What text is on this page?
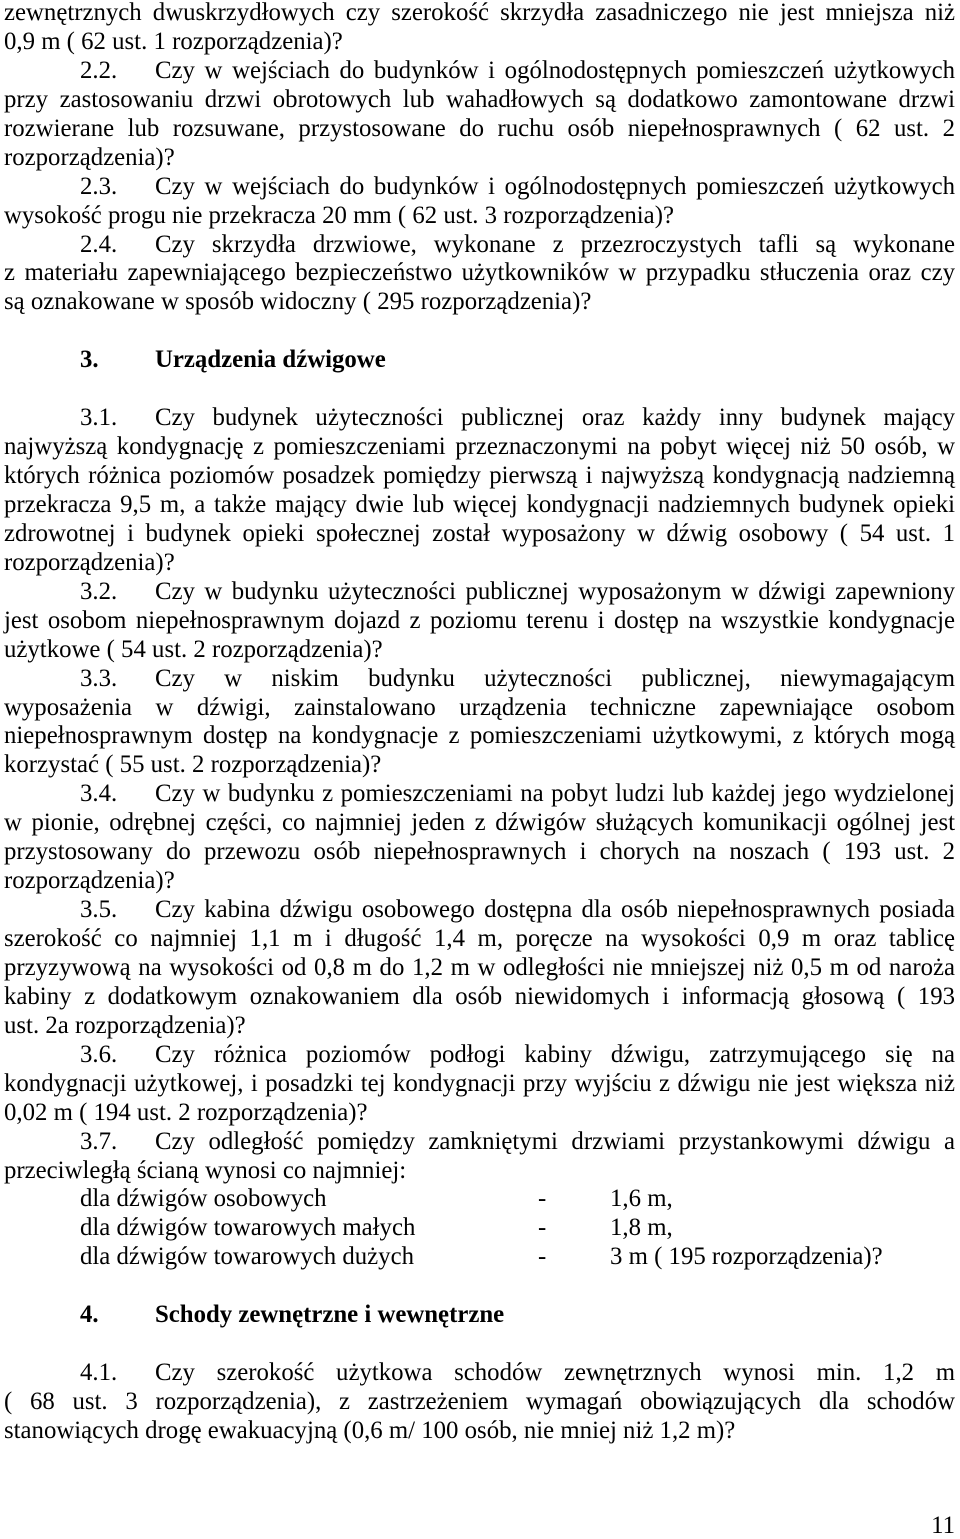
zewnętrznych dwuskrzydłowych czy szerokość skrzydła zasadniczego nie jest mniejsza niż
0,9 m ( 62 ust. 1 rozporządzenia)?
2.2. Czy w wejściach do budynków i ogólnodostępnych pomieszczeń użytkowych
przy zastosowaniu drzwi obrotowych lub wahadłowych są dodatkowo zamontowane drzwi
rozwierane lub rozsuwane, przystosowane do ruchu osób niepełnosprawnych ( 62 ust. 2
rozporządzenia)?
2.3. Czy w wejściach do budynków i ogólnodostępnych pomieszczeń użytkowych
wysokość progu nie przekracza 20 mm ( 62 ust. 3 rozporządzenia)?
2.4. Czy skrzydła drzwiowe, wykonane z przezroczystych tafli są wykonane
z materiału zapewniającego bezpieczeństwo użytkowników w przypadku stłuczenia oraz czy
są oznakowane w sposób widoczny ( 295 rozporządzenia)?
3. Urządzenia dźwigowe
3.1. Czy budynek użyteczności publicznej oraz każdy inny budynek mający
najwyższą kondygnację z pomieszczeniami przeznaczonymi na pobyt więcej niż 50 osób, w
których różnica poziomów posadzek pomiędzy pierwszą i najwyższą kondygnacją nadziemną
przekracza 9,5 m, a także mający dwie lub więcej kondygnacji nadziemnych budynek opieki
zdrowotnej i budynek opieki społecznej został wyposażony w dźwig osobowy ( 54 ust. 1
rozporządzenia)?
3.2. Czy w budynku użyteczności publicznej wyposażonym w dźwigi zapewniony
jest osobom niepełnosprawnym dojazd z poziomu terenu i dostęp na wszystkie kondygnacje
użytkowe ( 54 ust. 2 rozporządzenia)?
3.3. Czy w niskim budynku użyteczności publicznej, niewymagającym
wyposażenia w dźwigi, zainstalowano urządzenia techniczne zapewniające osobom
niepełnosprawnym dostęp na kondygnacje z pomieszczeniami użytkowymi, z których mogą
korzystać ( 55 ust. 2 rozporządzenia)?
3.4. Czy w budynku z pomieszczeniami na pobyt ludzi lub każdej jego wydzielonej
w pionie, odrębnej części, co najmniej jeden z dźwigów służących komunikacji ogólnej jest
przystosowany do przewozu osób niepełnosprawnych i chorych na noszach ( 193 ust. 2
rozporządzenia)?
3.5. Czy kabina dźwigu osobowego dostępna dla osób niepełnosprawnych posiada
szerokość co najmniej 1,1 m i długość 1,4 m, poręcze na wysokości 0,9 m oraz tablicę
przyzywową na wysokości od 0,8 m do 1,2 m w odległości nie mniejszej niż 0,5 m od naroża
kabiny z dodatkowym oznakowaniem dla osób niewidomych i informacją głosową ( 193
ust. 2a rozporządzenia)?
3.6. Czy różnica poziomów podłogi kabiny dźwigu, zatrzymującego się na
kondygnacji użytkowej, i posadzki tej kondygnacji przy wyjściu z dźwigu nie jest większa niż
0,02 m ( 194 ust. 2 rozporządzenia)?
3.7. Czy odległość pomiędzy zamkniętymi drzwiami przystankowymi dźwigu a
przeciwległą ścianą wynosi co najmniej:
dla dźwigów osobowych	-	1,6 m,
dla dźwigów towarowych małych	-	1,8 m,
dla dźwigów towarowych dużych	-	3 m ( 195 rozporządzenia)?
4. Schody zewnętrzne i wewnętrzne
4.1. Czy szerokość użytkowa schodów zewnętrznych wynosi min. 1,2 m
( 68 ust. 3 rozporządzenia), z zastrzeżeniem wymagań obowiązujących dla schodów
stanowiących drogę ewakuacyjną (0,6 m/ 100 osób, nie mniej niż 1,2 m)?
11
